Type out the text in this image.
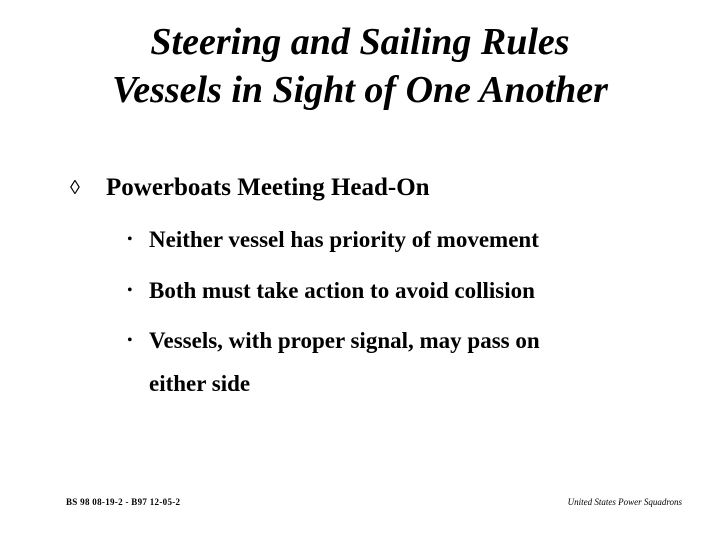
Steering and Sailing Rules
Vessels in Sight of One Another
◊	Powerboats Meeting Head-On
• Neither vessel has priority of movement
• Both must take action to avoid collision
• Vessels, with proper signal, may pass on
either side
BS 98 08-19-2 - B97 12-05-2	United States Power Squadrons
